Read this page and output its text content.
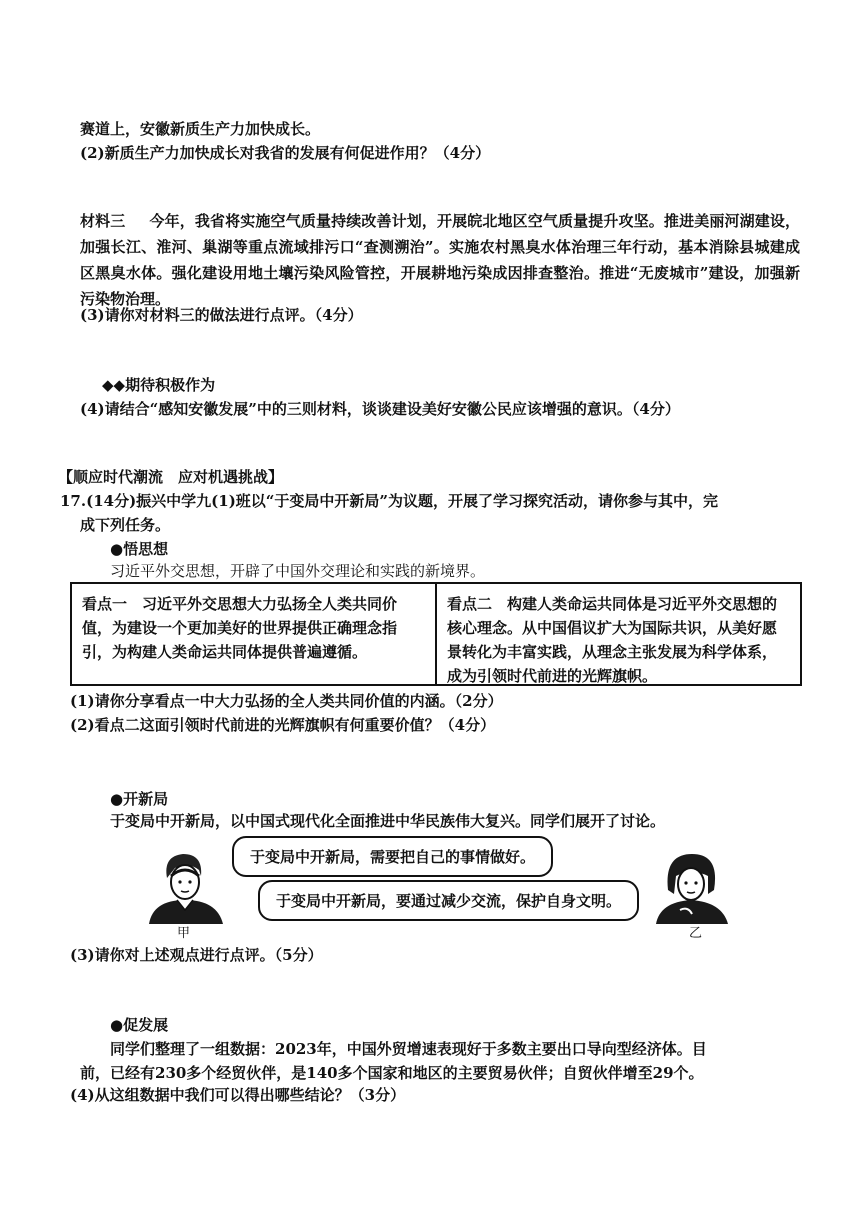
赛道上，安徽新质生产力加快成长。
(2)新质生产力加快成长对我省的发展有何促进作用？（4分）
材料三 今年，我省将实施空气质量持续改善计划，开展皖北地区空气质量提升攻坚。推进美丽河湖建设，加强长江、淮河、巢湖等重点流域排污口“查测溯治”。实施农村黑臭水体治理三年行动，基本消除县城建成区黑臭水体。强化建设用地土壤污染风险管控，开展耕地污染成因排查整治。推进“无废城市”建设，加强新污染物治理。
(3)请你对材料三的做法进行点评。（4分）
◆◆期待积极作为
(4)请结合“感知安徽发展”中的三则材料，谈谈建设美好安徽公民应该增强的意识。（4分）
【顺应时代潮流　应对机遇挑战】
17.(14分)振兴中学九(1)班以“于变局中开新局”为议题，开展了学习探究活动，请你参与其中，完
成下列任务。
●悟思想
习近平外交思想，开辟了中国外交理论和实践的新境界。
看点一　习近平外交思想大力弘扬全人类共同价值，为建设一个更加美好的世界提供正确理念指引，为构建人类命运共同体提供普遍遵循。
看点二　构建人类命运共同体是习近平外交思想的核心理念。从中国倡议扩大为国际共识，从美好愿景转化为丰富实践，从理念主张发展为科学体系，成为引领时代前进的光辉旗帜。
(1)请你分享看点一中大力弘扬的全人类共同价值的内涵。（2分）
(2)看点二这面引领时代前进的光辉旗帜有何重要价值？（4分）
●开新局
于变局中开新局，以中国式现代化全面推进中华民族伟大复兴。同学们展开了讨论。
甲
于变局中开新局，需要把自己的事情做好。
于变局中开新局，要通过减少交流，保护自身文明。
乙
(3)请你对上述观点进行点评。（5分）
●促发展
同学们整理了一组数据：2023年，中国外贸增速表现好于多数主要出口导向型经济体。目
前，已经有230多个经贸伙伴，是140多个国家和地区的主要贸易伙伴；自贸伙伴增至29个。
(4)从这组数据中我们可以得出哪些结论？（3分）
